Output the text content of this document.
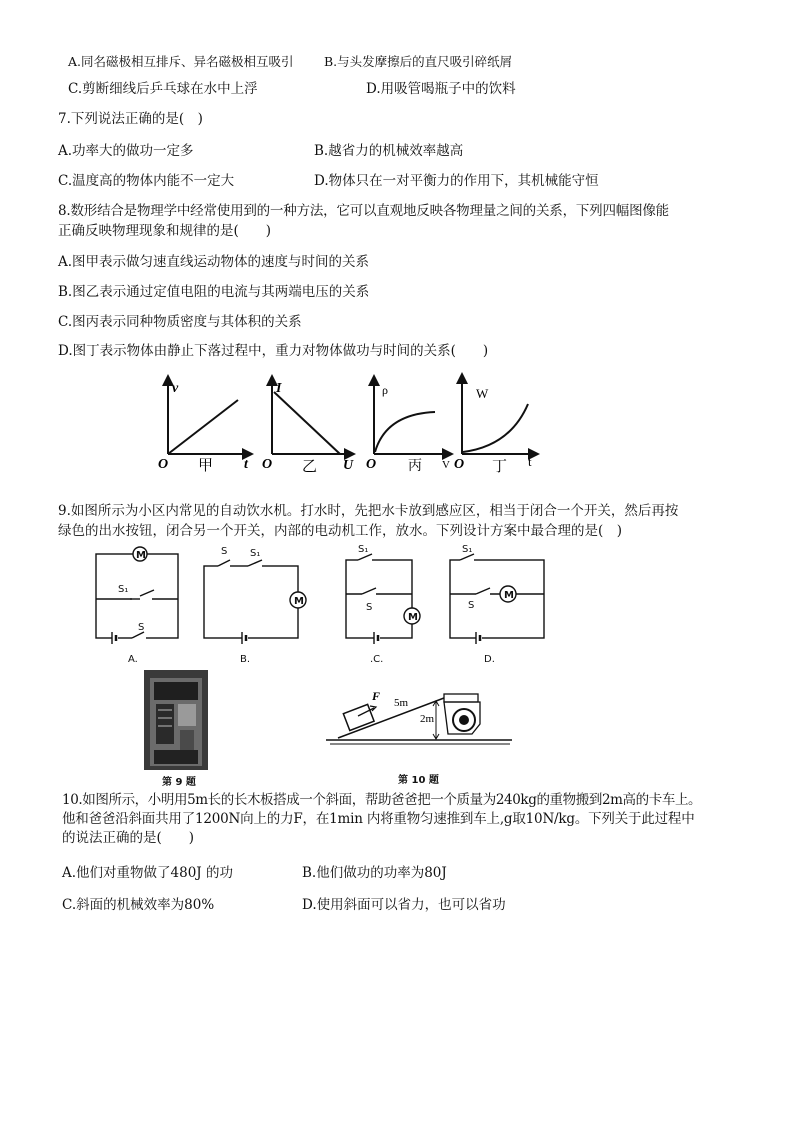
A.同名磁极相互排斥、异名磁极相互吸引 B.与头发摩擦后的直尺吸引碎纸屑
C.剪断细线后乒乓球在水中上浮	D.用吸管喝瓶子中的饮料
7.下列说法正确的是(　)
A.功率大的做功一定多	B.越省力的机械效率越高
C.温度高的物体内能不一定大	D.物体只在一对平衡力的作用下，其机械能守恒
8.数形结合是物理学中经常使用到的一种方法，它可以直观地反映各物理量之间的关系，下列四幅图像能
正确反映物理现象和规律的是(　　)
A.图甲表示做匀速直线运动物体的速度与时间的关系
B.图乙表示通过定值电阻的电流与其两端电压的关系
C.图丙表示同种物质密度与其体积的关系
D.图丁表示物体由静止下落过程中，重力对物体做功与时间的关系(　　)
v
t
O 甲
I
U
O 乙
ρ
V
O 丙
W
t
O 丁
9.如图所示为小区内常见的自动饮水机。打水时，先把水卡放到感应区，相当于闭合一个开关，然后再按
绿色的出水按钮，闭合另一个开关，内部的电动机工作，放水。下列设计方案中最合理的是(　)
M
S₁
S
A.
S S₁
M
B.
S₁
S
M
.C.
S₁
S
M
D.
第 9 题
F 5m
2m
第 10 题
10.如图所示，小明用5m长的长木板搭成一个斜面，帮助爸爸把一个质量为240kg的重物搬到2m高的卡车上。
他和爸爸沿斜面共用了1200N向上的力F，在1min 内将重物匀速推到车上,g取10N/kg。下列关于此过程中
的说法正确的是(　　)
A.他们对重物做了480J 的功	B.他们做功的功率为80J
C.斜面的机械效率为80%	D.使用斜面可以省力，也可以省功
